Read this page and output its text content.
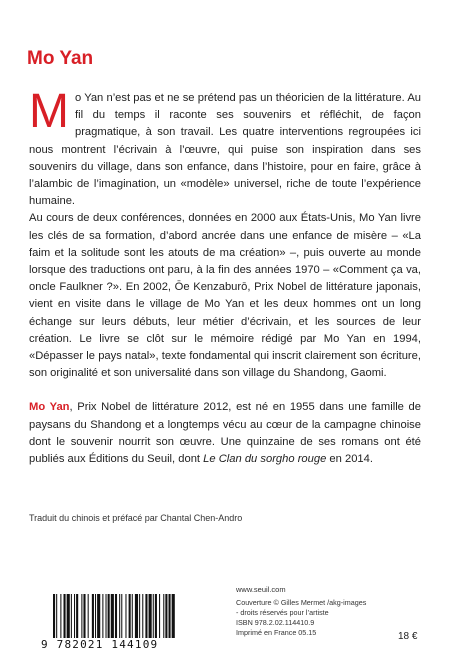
Mo Yan

Mo Yan n’est pas et ne se prétend pas un théoricien de la littérature. Au fil du temps il raconte ses souvenirs et réfléchit, de façon pragmatique, à son travail. Les quatre interventions regroupées ici nous montrent l’écrivain à l’œuvre, qui puise son inspiration dans ses souvenirs du village, dans son enfance, dans l’histoire, pour en faire, grâce à l’alambic de l’imagination, un «modèle» universel, riche de toute l’expérience humaine.

Au cours de deux conférences, données en 2000 aux États-Unis, Mo Yan livre les clés de sa formation, d’abord ancrée dans une enfance de misère – «La faim et la solitude sont les atouts de ma création» –, puis ouverte au monde lorsque des traductions ont paru, à la fin des années 1970 – «Comment ça va, oncle Faulkner ?». En 2002, Ōe Kenzaburō, Prix Nobel de littérature japonais, vient en visite dans le village de Mo Yan et les deux hommes ont un long échange sur leurs débuts, leur métier d’écrivain, et les sources de leur création. Le livre se clôt sur le mémoire rédigé par Mo Yan en 1994, «Dépasser le pays natal», texte fondamental qui inscrit clairement son écriture, son originalité et son universalité dans son village du Shandong, Gaomi.

Mo Yan, Prix Nobel de littérature 2012, est né en 1955 dans une famille de paysans du Shandong et a longtemps vécu au cœur de la campagne chinoise dont le souvenir nourrit son œuvre. Une quinzaine de ses romans ont été publiés aux Éditions du Seuil, dont Le Clan du sorgho rouge en 2014.

Traduit du chinois et préfacé par Chantal Chen-Andro

www.seuil.com

9 782021 144109
Couverture © Gilles Mermet /akg-images
- droits réservés pour l’artiste
ISBN 978.2.02.114410.9
Imprimé en France 05.15	18 €
